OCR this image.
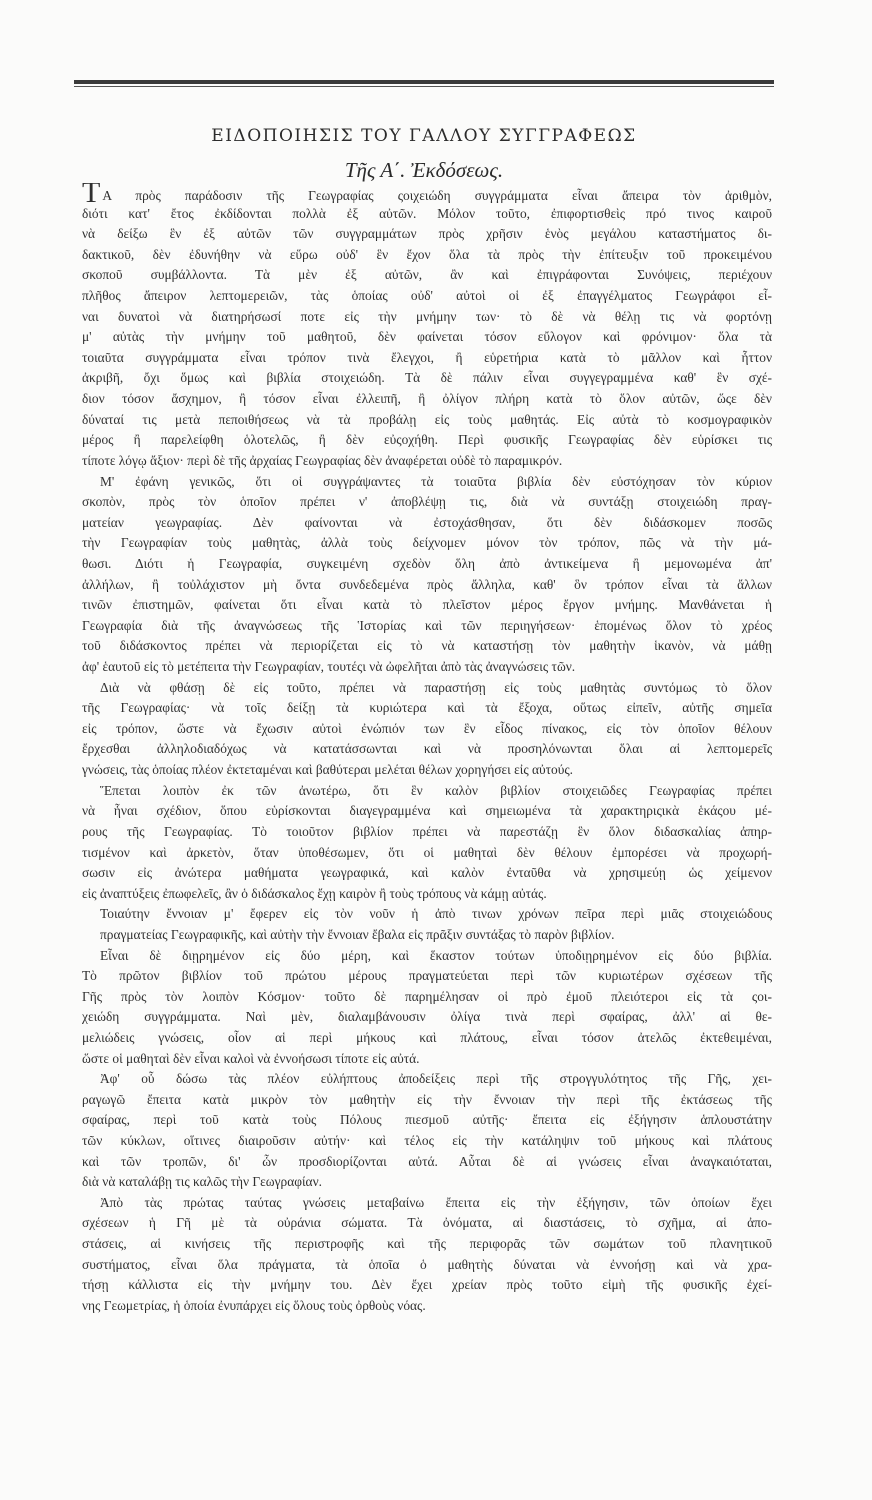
ΕΙΔΟΠΟΙΗΣΙΣ ΤΟΥ ΓΑΛΛΟΥ ΣΥΓΓΡΑΦΕΩΣ
Τῆς Α΄. Ἐκδόσεως.
Τ Α πρὸς παράδοσιν τῆς Γεωγραφίας ςοιχειώδη συγγράμματα εἶναι ἄπειρα τὸν ἀριθμὸν,
διότι κατ' ἔτος ἐκδίδονται πολλὰ ἐξ αὐτῶν. Μόλον τοῦτο, ἐπιφορτισθεὶς πρό τινος καιροῦ
νὰ δείξω ἓν ἐξ αὐτῶν τῶν συγγραμμάτων πρὸς χρῆσιν ἑνὸς μεγάλου καταστήματος δι-
δακτικοῦ, δὲν ἐδυνήθην νὰ εὕρω οὐδ' ἓν ἔχον ὅλα τὰ πρὸς τὴν ἐπίτευξιν τοῦ προκειμένου
σκοποῦ συμβάλλοντα. Τὰ μὲν ἐξ αὐτῶν, ἂν καὶ ἐπιγράφονται Συνόψεις, περιέχουν
πλῆθος ἄπειρον λεπτομερειῶν, τὰς ὁποίας οὐδ' αὐτοὶ οἱ ἐξ ἐπαγγέλματος Γεωγράφοι εἶ-
ναι δυνατοὶ νὰ διατηρήσωσί ποτε εἰς τὴν μνήμην των· τὸ δὲ νὰ θέλῃ τις νὰ φορτόνῃ
μ' αὐτὰς τὴν μνήμην τοῦ μαθητοῦ, δὲν φαίνεται τόσον εὔλογον καὶ φρόνιμον· ὅλα τὰ
τοιαῦτα συγγράμματα εἶναι τρόπον τινὰ ἔλεγχοι, ἢ εὑρετήρια κατὰ τὸ μᾶλλον καὶ ἧττον
ἀκριβῆ, ὄχι ὅμως καὶ βιβλία στοιχειώδη. Τὰ δὲ πάλιν εἶναι συγγεγραμμένα καθ' ἓν σχέ-
διον τόσον ἄσχημον, ἢ τόσον εἶναι ἐλλειπῆ, ἢ ὀλίγον πλήρη κατὰ τὸ ὅλον αὐτῶν, ὥςε δὲν
δύναταί τις μετὰ πεποιθήσεως νὰ τὰ προβάλῃ εἰς τοὺς μαθητάς. Εἰς αὐτὰ τὸ κοσμογραφικὸν
μέρος ἢ παρελείφθη ὁλοτελῶς, ἢ δὲν εὐςοχήθη. Περὶ φυσικῆς Γεωγραφίας δὲν εὑρίσκει τις
τίποτε λόγῳ ἄξιον· περὶ δὲ τῆς ἀρχαίας Γεωγραφίας δὲν ἀναφέρεται οὐδὲ τὸ παραμικρόν.
Μ' ἐφάνη γενικῶς, ὅτι οἱ συγγράψαντες τὰ τοιαῦτα βιβλία δὲν εὐστόχησαν τὸν κύριον
σκοπὸν, πρὸς τὸν ὁποῖον πρέπει ν' ἀποβλέψῃ τις, διὰ νὰ συντάξῃ στοιχειώδη πραγ-
ματείαν γεωγραφίας. Δὲν φαίνονται νὰ ἐστοχάσθησαν, ὅτι δὲν διδάσκομεν ποσῶς
τὴν Γεωγραφίαν τοὺς μαθητὰς, ἀλλὰ τοὺς δείχνομεν μόνον τὸν τρόπον, πῶς νὰ τὴν μά-
θωσι. Διότι ἡ Γεωγραφία, συγκειμένη σχεδὸν ὅλη ἀπὸ ἀντικείμενα ἢ μεμονωμένα ἀπ'
ἀλλήλων, ἢ τοὐλάχιστον μὴ ὄντα συνδεδεμένα πρὸς ἄλληλα, καθ' ὃν τρόπον εἶναι τὰ ἄλλων
τινῶν ἐπιστημῶν, φαίνεται ὅτι εἶναι κατὰ τὸ πλεῖστον μέρος ἔργον μνήμης. Μανθάνεται ἡ
Γεωγραφία διὰ τῆς ἀναγνώσεως τῆς Ἱστορίας καὶ τῶν περιηγήσεων· ἑπομένως ὅλον τὸ χρέος
τοῦ διδάσκοντος πρέπει νὰ περιορίζεται εἰς τὸ νὰ καταστήσῃ τὸν μαθητὴν ἱκανὸν, νὰ μάθῃ
ἀφ' ἑαυτοῦ εἰς τὸ μετέπειτα τὴν Γεωγραφίαν, τουτέςι νὰ ὠφελῆται ἀπὸ τὰς ἀναγνώσεις τῶν.
Διὰ νὰ φθάσῃ δὲ εἰς τοῦτο, πρέπει νὰ παραστήσῃ εἰς τοὺς μαθητὰς συντόμως τὸ ὅλον
τῆς Γεωγραφίας· νὰ τοῖς δείξῃ τὰ κυριώτερα καὶ τὰ ἔξοχα, οὕτως εἰπεῖν, αὐτῆς σημεῖα
εἰς τρόπον, ὥστε νὰ ἔχωσιν αὐτοὶ ἐνώπιόν των ἓν εἶδος πίνακος, εἰς τὸν ὁποῖον θέλουν
ἔρχεσθαι ἀλληλοδιαδόχως νὰ κατατάσσωνται καὶ νὰ προσηλόνωνται ὅλαι αἱ λεπτομερεῖς
γνώσεις, τὰς ὁποίας πλέον ἐκτεταμέναι καὶ βαθύτεραι μελέται θέλων χορηγήσει εἰς αὐτούς.
Ἕπεται λοιπὸν ἐκ τῶν ἀνωτέρω, ὅτι ἓν καλὸν βιβλίον στοιχειῶδες Γεωγραφίας πρέπει
νὰ ἦναι σχέδιον, ὅπου εὑρίσκονται διαγεγραμμένα καὶ σημειωμένα τὰ χαρακτηριςικὰ ἑκάςου μέ-
ρους τῆς Γεωγραφίας. Τὸ τοιοῦτον βιβλίον πρέπει νὰ παρεστάζῃ ἓν ὅλον διδασκαλίας ἀπηρ-
τισμένον καὶ ἀρκετὸν, ὅταν ὑποθέσωμεν, ὅτι οἱ μαθηταὶ δὲν θέλουν ἐμπορέσει νὰ προχωρή-
σωσιν εἰς ἀνώτερα μαθήματα γεωγραφικά, καὶ καλὸν ἐνταῦθα νὰ χρησιμεύῃ ὡς χείμενον
εἰς ἀναπτύξεις ἐπωφελεῖς, ἂν ὁ διδάσκαλος ἔχῃ καιρὸν ἢ τοὺς τρόπους νὰ κάμῃ αὐτάς.
Τοιαύτην ἔννοιαν μ' ἔφερεν εἰς τὸν νοῦν ἡ ἀπὸ τινων χρόνων πεῖρα περὶ μιᾶς στοιχειώδους
πραγματείας Γεωγραφικῆς, καὶ αὐτὴν τὴν ἔννοιαν ἔβαλα εἰς πρᾶξιν συντάξας τὸ παρὸν βιβλίον.
Εἶναι δὲ διῃρημένον εἰς δύο μέρη, καὶ ἕκαστον τούτων ὑποδιῃρημένον εἰς δύο βιβλία.
Τὸ πρῶτον βιβλίον τοῦ πρώτου μέρους πραγματεύεται περὶ τῶν κυριωτέρων σχέσεων τῆς
Γῆς πρὸς τὸν λοιπὸν Κόσμον· τοῦτο δὲ παρημέλησαν οἱ πρὸ ἐμοῦ πλειότεροι εἰς τὰ ςοι-
χειώδη συγγράμματα. Ναὶ μὲν, διαλαμβάνουσιν ὀλίγα τινὰ περὶ σφαίρας, ἀλλ' αἱ θε-
μελιώδεις γνώσεις, οἷον αἱ περὶ μήκους καὶ πλάτους, εἶναι τόσον ἀτελῶς ἐκτεθειμέναι,
ὥστε οἱ μαθηταὶ δὲν εἶναι καλοὶ νὰ ἐννοήσωσι τίποτε εἰς αὐτά.
Ἀφ' οὗ δώσω τὰς πλέον εὐλήπτους ἀποδείξεις περὶ τῆς στρογγυλότητος τῆς Γῆς, χει-
ραγωγῶ ἔπειτα κατὰ μικρὸν τὸν μαθητὴν εἰς τὴν ἔννοιαν τὴν περὶ τῆς ἐκτάσεως τῆς
σφαίρας, περὶ τοῦ κατὰ τοὺς Πόλους πιεσμοῦ αὐτῆς· ἔπειτα εἰς ἐξήγησιν ἁπλουστάτην
τῶν κύκλων, οἵτινες διαιροῦσιν αὐτήν· καὶ τέλος εἰς τὴν κατάληψιν τοῦ μήκους καὶ πλάτους
καὶ τῶν τροπῶν, δι' ὧν προσδιορίζονται αὐτά. Αὗται δὲ αἱ γνώσεις εἶναι ἀναγκαιόταται,
διὰ νὰ καταλάβῃ τις καλῶς τὴν Γεωγραφίαν.
Ἀπὸ τὰς πρώτας ταύτας γνώσεις μεταβαίνω ἔπειτα εἰς τὴν ἐξήγησιν, τῶν ὁποίων ἔχει
σχέσεων ἡ Γῆ μὲ τὰ οὐράνια σώματα. Τὰ ὀνόματα, αἱ διαστάσεις, τὸ σχῆμα, αἱ ἀπο-
στάσεις, αἱ κινήσεις τῆς περιστροφῆς καὶ τῆς περιφορᾶς τῶν σωμάτων τοῦ πλανητικοῦ
συστήματος, εἶναι ὅλα πράγματα, τὰ ὁποῖα ὁ μαθητὴς δύναται νὰ ἐννοήσῃ καὶ νὰ χρα-
τήσῃ κάλλιστα εἰς τὴν μνήμην του. Δὲν ἔχει χρείαν πρὸς τοῦτο εἰμὴ τῆς φυσικῆς ἐχεί-
νης Γεωμετρίας, ἡ ὁποία ἐνυπάρχει εἰς ὅλους τοὺς ὀρθοὺς νόας.
